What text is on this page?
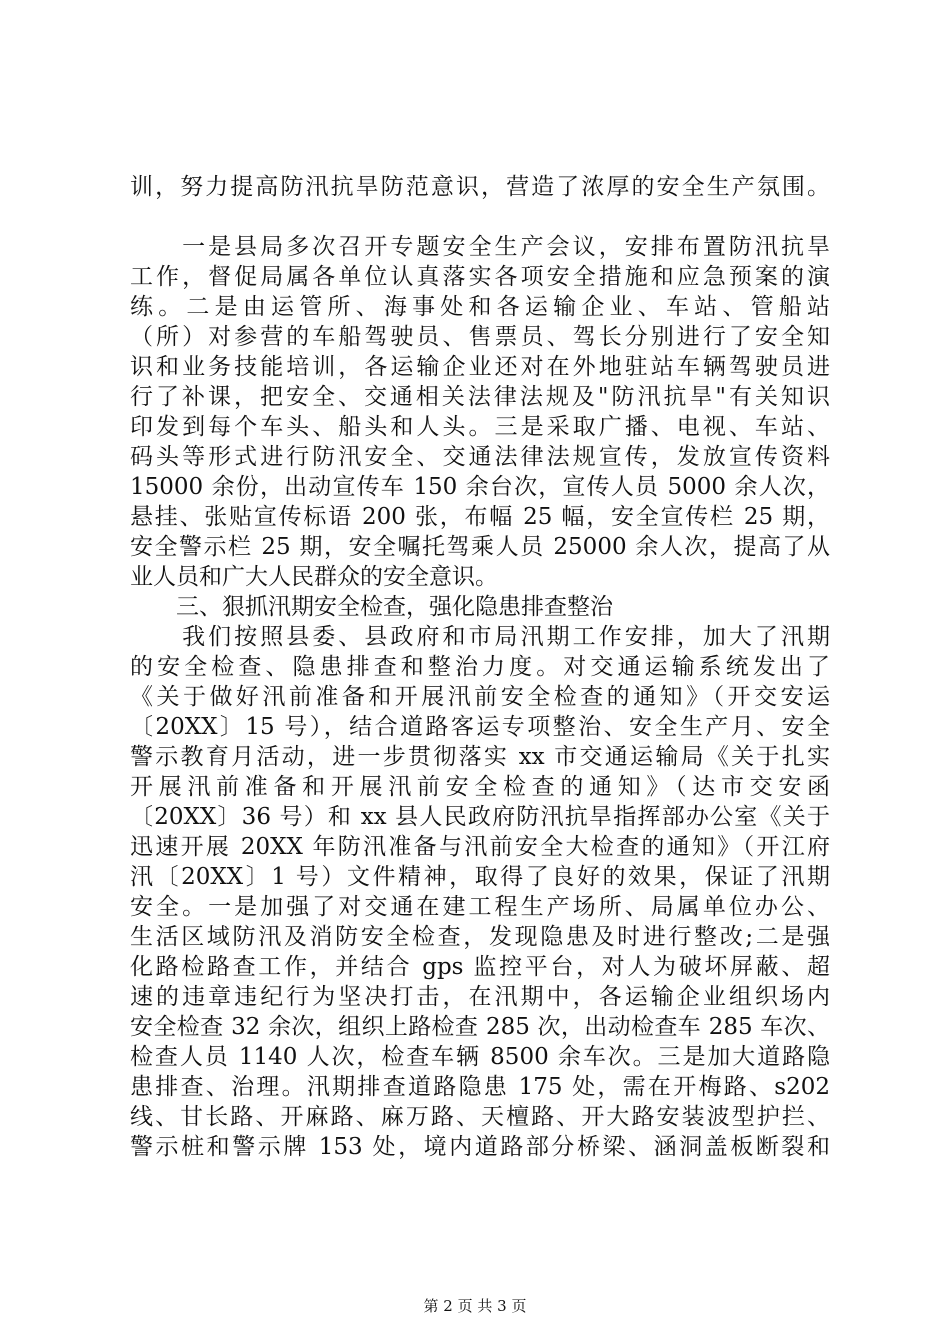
训，努力提高防汛抗旱防范意识，营造了浓厚的安全生产氛围。
　　一是县局多次召开专题安全生产会议，安排布置防汛抗旱
工作，督促局属各单位认真落实各项安全措施和应急预案的演
练。二是由运管所、海事处和各运输企业、车站、管船站
（所）对参营的车船驾驶员、售票员、驾长分别进行了安全知
识和业务技能培训，各运输企业还对在外地驻站车辆驾驶员进
行了补课，把安全、交通相关法律法规及"防汛抗旱"有关知识
印发到每个车头、船头和人头。三是采取广播、电视、车站、
码头等形式进行防汛安全、交通法律法规宣传，发放宣传资料
15000 余份，出动宣传车 150 余台次，宣传人员 5000 余人次，
悬挂、张贴宣传标语 200 张，布幅 25 幅，安全宣传栏 25 期，
安全警示栏 25 期，安全嘱托驾乘人员 25000 余人次，提高了从
业人员和广大人民群众的安全意识。
　　三、狠抓汛期安全检查，强化隐患排查整治
　　我们按照县委、县政府和市局汛期工作安排，加大了汛期
的安全检查、隐患排查和整治力度。对交通运输系统发出了
《关于做好汛前准备和开展汛前安全检查的通知》（开交安运
〔20XX〕15 号），结合道路客运专项整治、安全生产月、安全
警示教育月活动，进一步贯彻落实 xx 市交通运输局《关于扎实
开展汛前准备和开展汛前安全检查的通知》（达市交安函
〔20XX〕36 号）和 xx 县人民政府防汛抗旱指挥部办公室《关于
迅速开展 20XX 年防汛准备与汛前安全大检查的通知》（开江府
汛〔20XX〕1 号）文件精神，取得了良好的效果，保证了汛期
安全。一是加强了对交通在建工程生产场所、局属单位办公、
生活区域防汛及消防安全检查，发现隐患及时进行整改;二是强
化路检路查工作，并结合 gps 监控平台，对人为破坏屏蔽、超
速的违章违纪行为坚决打击，在汛期中，各运输企业组织场内
安全检查 32 余次，组织上路检查 285 次，出动检查车 285 车次、
检查人员 1140 人次，检查车辆 8500 余车次。三是加大道路隐
患排查、治理。汛期排查道路隐患 175 处，需在开梅路、s202
线、甘长路、开麻路、麻万路、天檀路、开大路安装波型护拦、
警示桩和警示牌 153 处，境内道路部分桥梁、涵洞盖板断裂和
第 2 页 共 3 页
